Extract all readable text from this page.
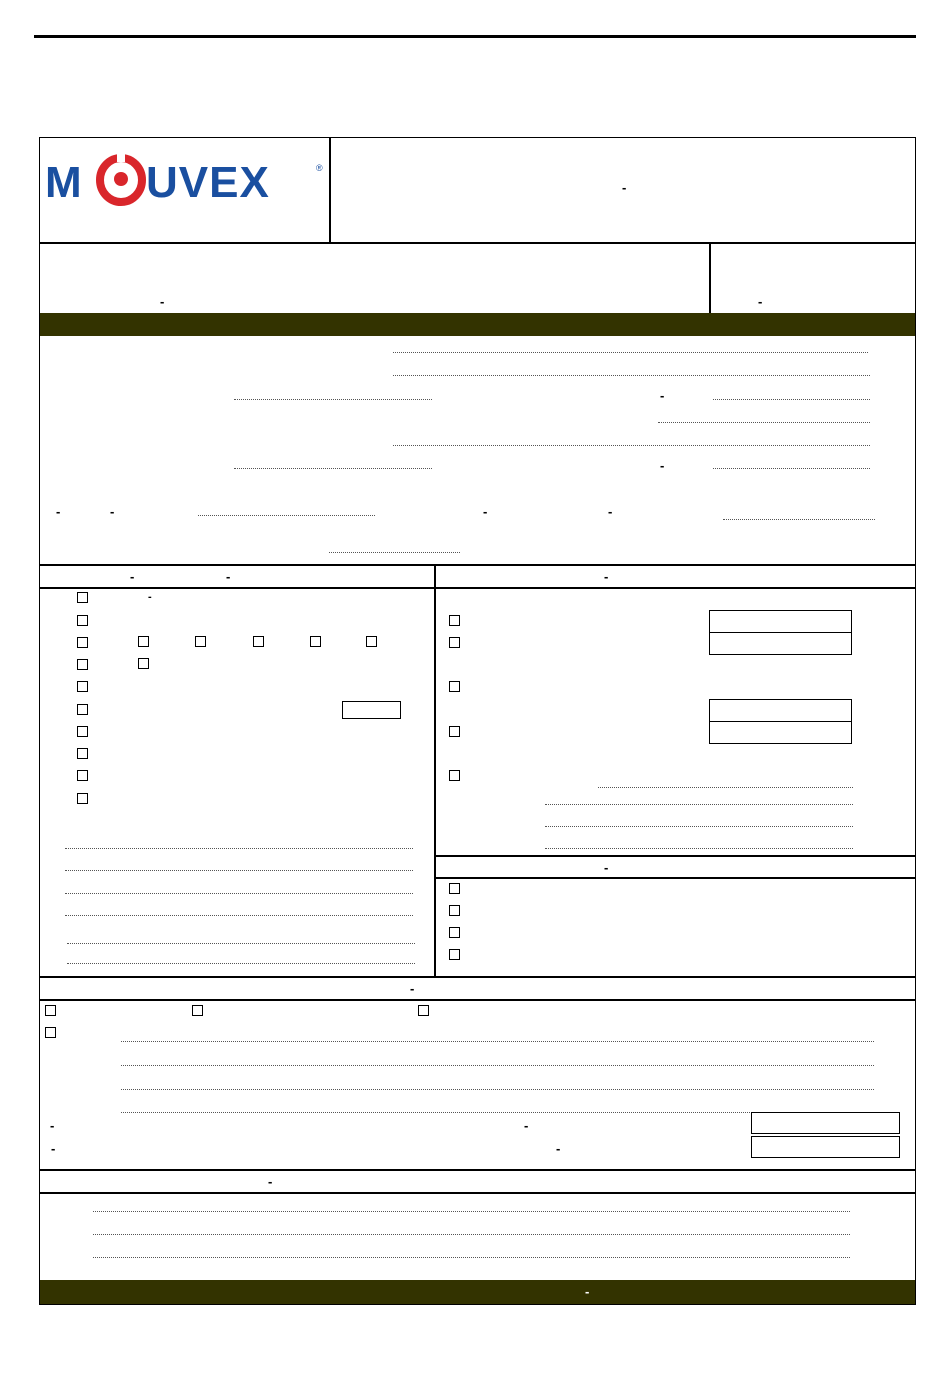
M UVEX	®
-
-	-
-
-
-	-	-	-
-	-	-
-
-
-
-	-
-	-
-
-
